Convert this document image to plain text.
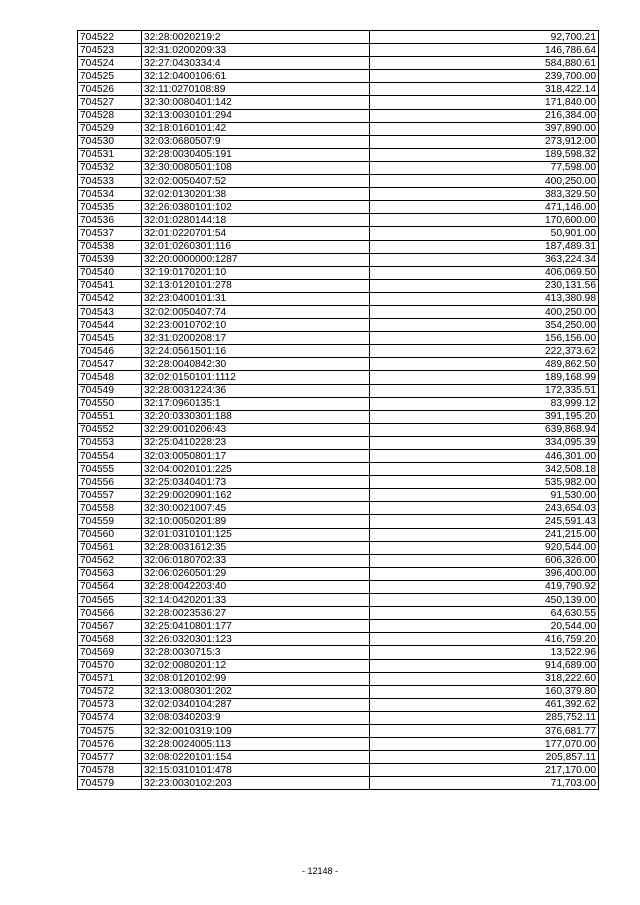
704522	32:28:0020219:2	92,700.21
704523	32:31:0200209:33	146,786.64
704524	32:27:0430334:4	584,880.61
704525	32:12:0400106:61	239,700.00
704526	32:11:0270108:89	318,422.14
704527	32:30:0080401:142	171,840.00
704528	32:13:0030101:294	216,384.00
704529	32:18:0160101:42	397,890.00
704530	32:03:0680507:9	273,912.00
704531	32:28:0030405:191	189,598.32
704532	32:30:0080501:108	77,598.00
704533	32:02:0050407:52	400,250.00
704534	32:02:0130201:38	383,329.50
704535	32:26:0380101:102	471,146.00
704536	32:01:0280144:18	170,600.00
704537	32:01:0220701:54	50,901.00
704538	32:01:0260301:116	187,489.31
704539	32:20:0000000:1287	363,224.34
704540	32:19:0170201:10	406,069.50
704541	32:13:0120101:278	230,131.56
704542	32:23:0400101:31	413,380.98
704543	32:02:0050407:74	400,250.00
704544	32:23:0010702:10	354,250.00
704545	32:31:0200208:17	156,156.00
704546	32:24:0561501:16	222,373.62
704547	32:28:0040842:30	489,862.50
704548	32:02:0150101:1112	189,168.99
704549	32:28:0031224:36	172,335.51
704550	32:17:0960135:1	83,999.12
704551	32:20:0330301:188	391,195.20
704552	32:29:0010206:43	639,868.94
704553	32:25:0410228:23	334,095.39
704554	32:03:0050801:17	446,301.00
704555	32:04:0020101:225	342,508.18
704556	32:25:0340401:73	535,982.00
704557	32:29:0020901:162	91,530.00
704558	32:30:0021007:45	243,654.03
704559	32:10:0050201:89	245,591.43
704560	32:01:0310101:125	241,215.00
704561	32:28:0031612:35	920,544.00
704562	32:06:0180702:33	606,326.00
704563	32:06:0260501:29	396,400.00
704564	32:28:0042203:40	419,790.92
704565	32:14:0420201:33	450,139.00
704566	32:28:0023536:27	64,630.55
704567	32:25:0410801:177	20,544.00
704568	32:26:0320301:123	416,759.20
704569	32:28:0030715:3	13,522.96
704570	32:02:0080201:12	914,689.00
704571	32:08:0120102:99	318,222.60
704572	32:13:0080301:202	160,379.80
704573	32:02:0340104:287	461,392.62
704574	32:08:0340203:9	285,752.11
704575	32:32:0010319:109	376,681.77
704576	32:28:0024005:113	177,070.00
704577	32:08:0220101:154	205,857.11
704578	32:15:0310101:478	217,170.00
704579	32:23:0030102:203	71,703.00
- 12148 -
